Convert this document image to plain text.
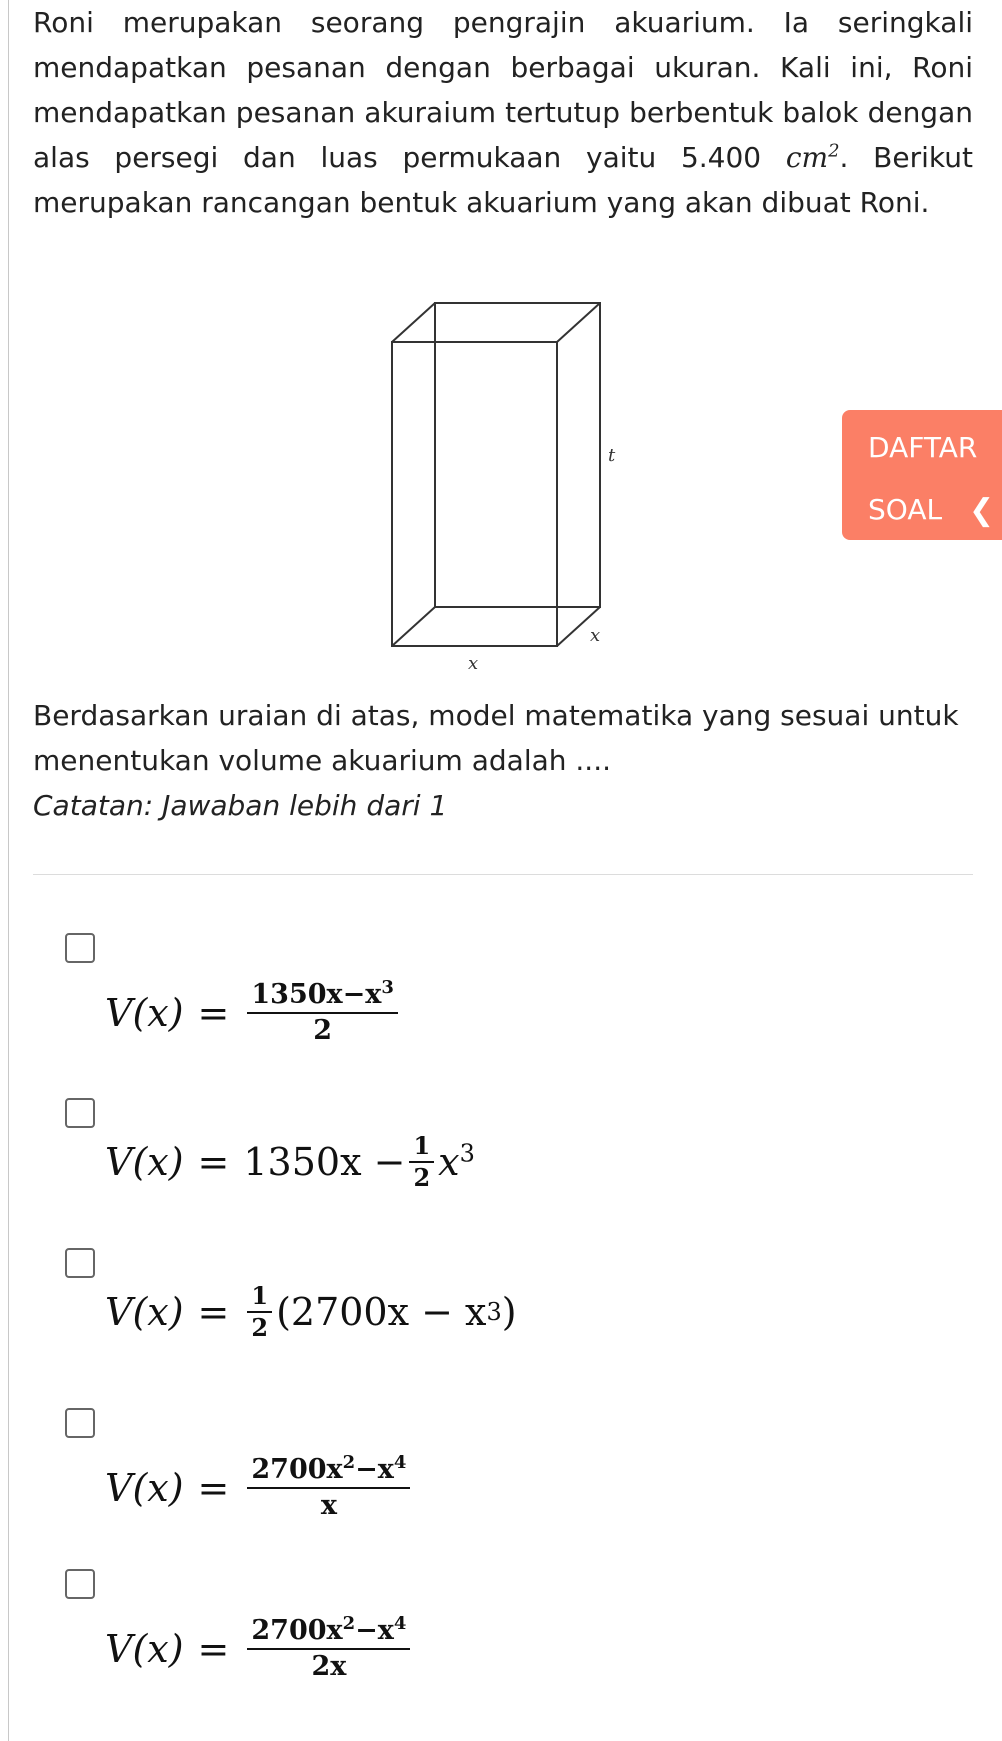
Roni merupakan seorang pengrajin akuarium. Ia seringkali mendapatkan pesanan dengan berbagai ukuran. Kali ini, Roni mendapatkan pesanan akuraium tertutup berbentuk balok dengan alas persegi dan luas permukaan yaitu 5.400 $cm^2$. Berikut merupakan rancangan bentuk akuarium yang akan dibuat Roni.

t
x
x
DAFTAR
SOAL ❮

Berdasarkan uraian di atas, model matematika yang sesuai untuk menentukan volume akuarium adalah ....

Catatan: Jawaban lebih dari 1
$V(x) = \frac{1350x-x^3}{2}$
$V(x) = 1350x - \frac{1}{2} x^3$
$V(x) = \frac{1}{2} (2700x - x$ 3 )
$V(x) = \frac{2700x^2-x^4}{x}$
$V(x) = \frac{2700x^2-x^4}{2x}$
